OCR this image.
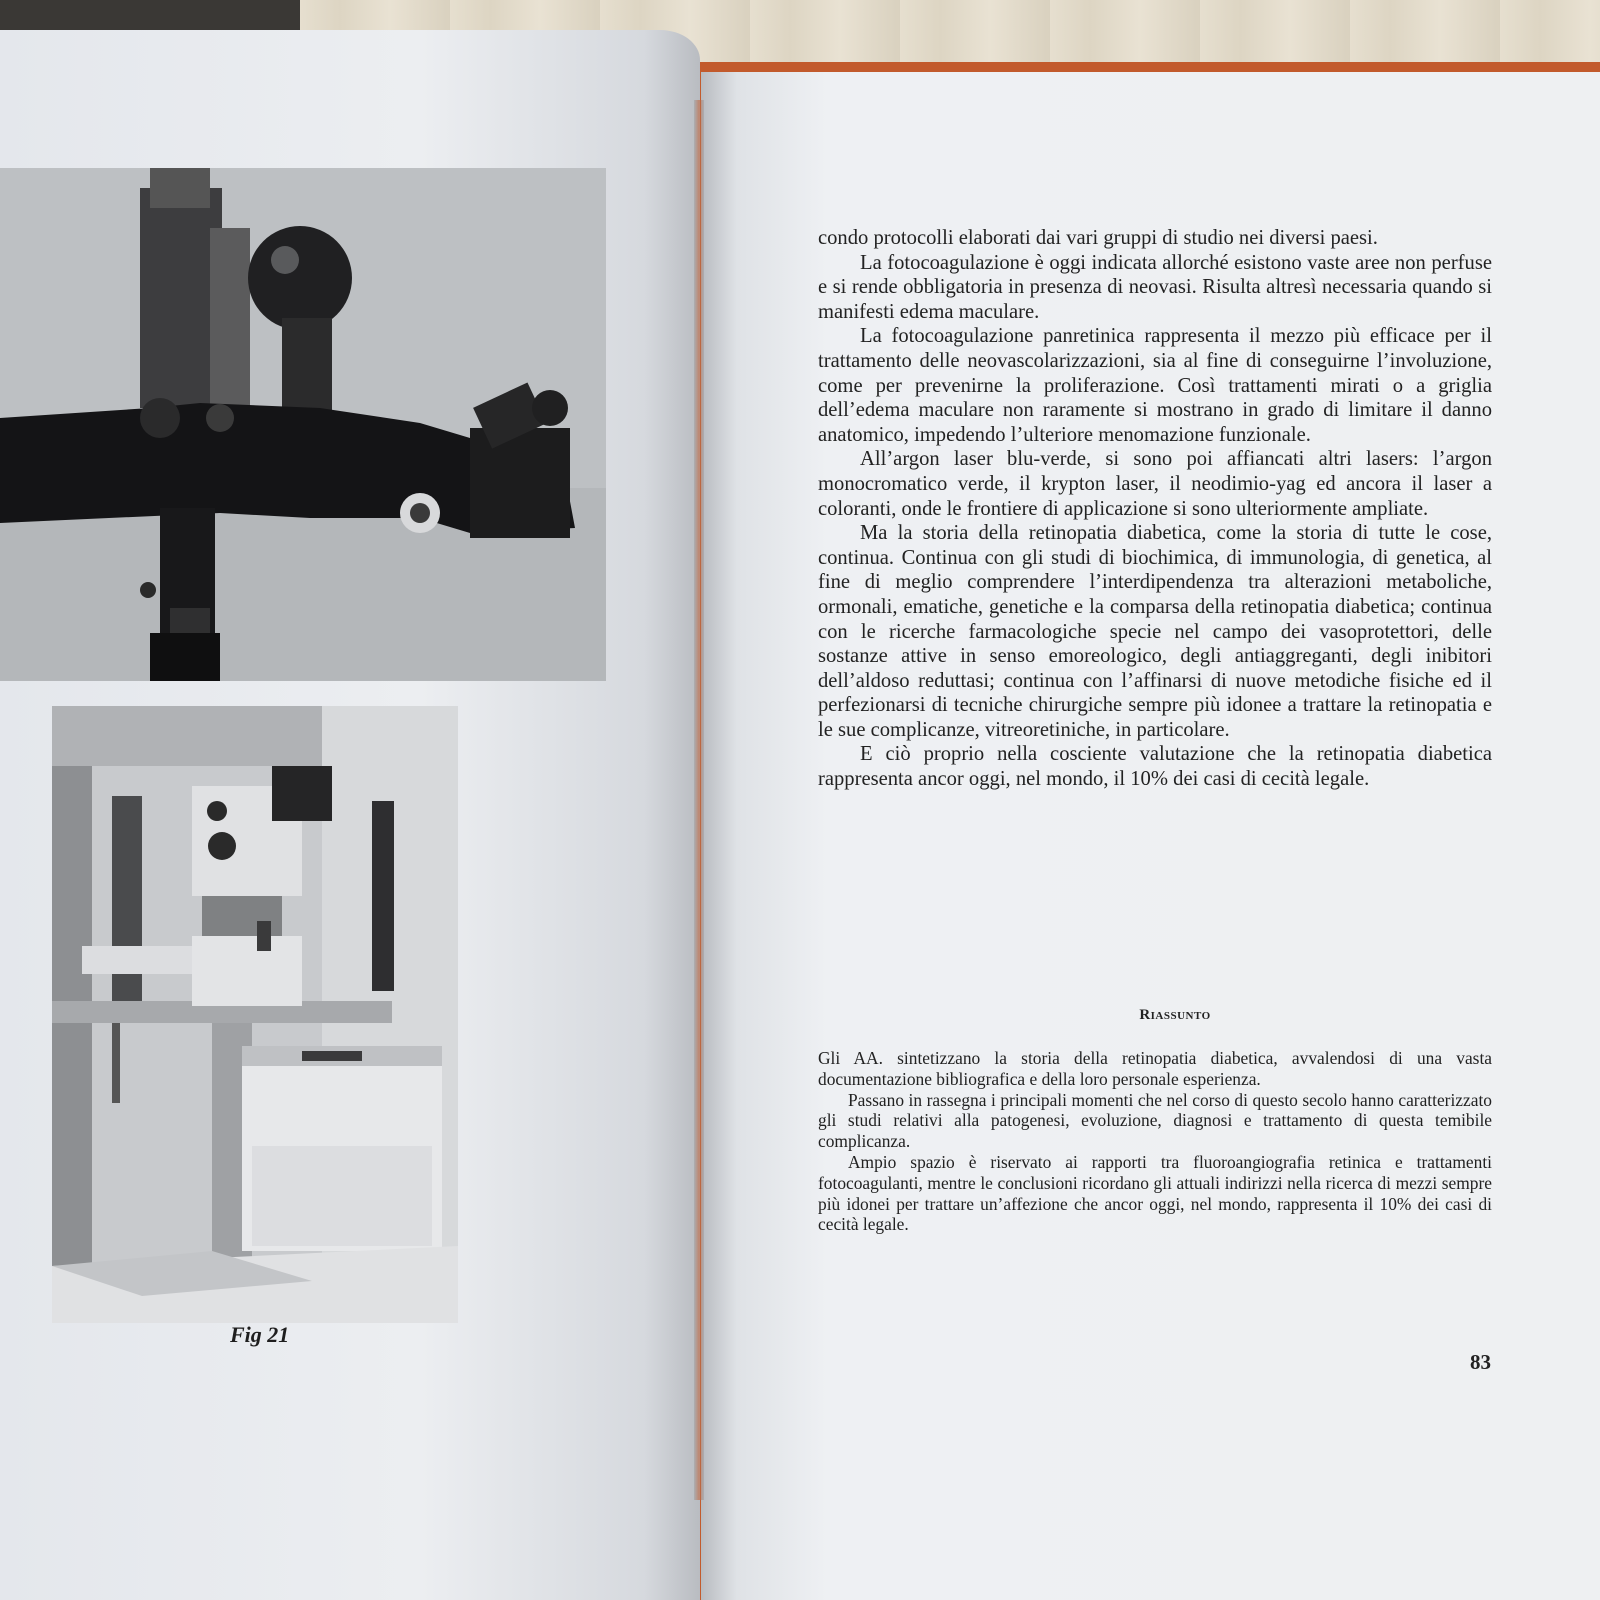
Fig 21

condo protocolli elaborati dai vari gruppi di studio nei diversi paesi.

La fotocoagulazione è oggi indicata allorché esistono vaste aree non perfuse e si rende obbligatoria in presenza di neovasi. Risulta altresì necessaria quando si manifesti edema maculare.

La fotocoagulazione panretinica rappresenta il mezzo più efficace per il trattamento delle neovascolarizzazioni, sia al fine di conseguirne l’involuzione, come per prevenirne la proliferazione. Così trattamenti mirati o a griglia dell’edema maculare non raramente si mostrano in grado di limitare il danno anatomico, impedendo l’ulteriore menomazione funzionale.

All’argon laser blu-verde, si sono poi affiancati altri lasers: l’argon monocromatico verde, il krypton laser, il neodimio-yag ed ancora il laser a coloranti, onde le frontiere di applicazione si sono ulteriormente ampliate.

Ma la storia della retinopatia diabetica, come la storia di tutte le cose, continua. Continua con gli studi di biochimica, di immunologia, di genetica, al fine di meglio comprendere l’interdipendenza tra alterazioni metaboliche, ormonali, ematiche, genetiche e la comparsa della retinopatia diabetica; continua con le ricerche farmacologiche specie nel campo dei vasoprotettori, delle sostanze attive in senso emoreologico, degli antiaggreganti, degli inibitori dell’aldoso reduttasi; continua con l’affinarsi di nuove metodiche fisiche ed il perfezionarsi di tecniche chirurgiche sempre più idonee a trattare la retinopatia e le sue complicanze, vitreoretiniche, in particolare.

E ciò proprio nella cosciente valutazione che la retinopatia diabetica rappresenta ancor oggi, nel mondo, il 10% dei casi di cecità legale.

Riassunto

Gli AA. sintetizzano la storia della retinopatia diabetica, avvalendosi di una vasta documentazione bibliografica e della loro personale esperienza.

Passano in rassegna i principali momenti che nel corso di questo secolo hanno caratterizzato gli studi relativi alla patogenesi, evoluzione, diagnosi e trattamento di questa temibile complicanza.

Ampio spazio è riservato ai rapporti tra fluoroangiografia retinica e trattamenti fotocoagulanti, mentre le conclusioni ricordano gli attuali indirizzi nella ricerca di mezzi sempre più idonei per trattare un’affezione che ancor oggi, nel mondo, rappresenta il 10% dei casi di cecità legale.

83
